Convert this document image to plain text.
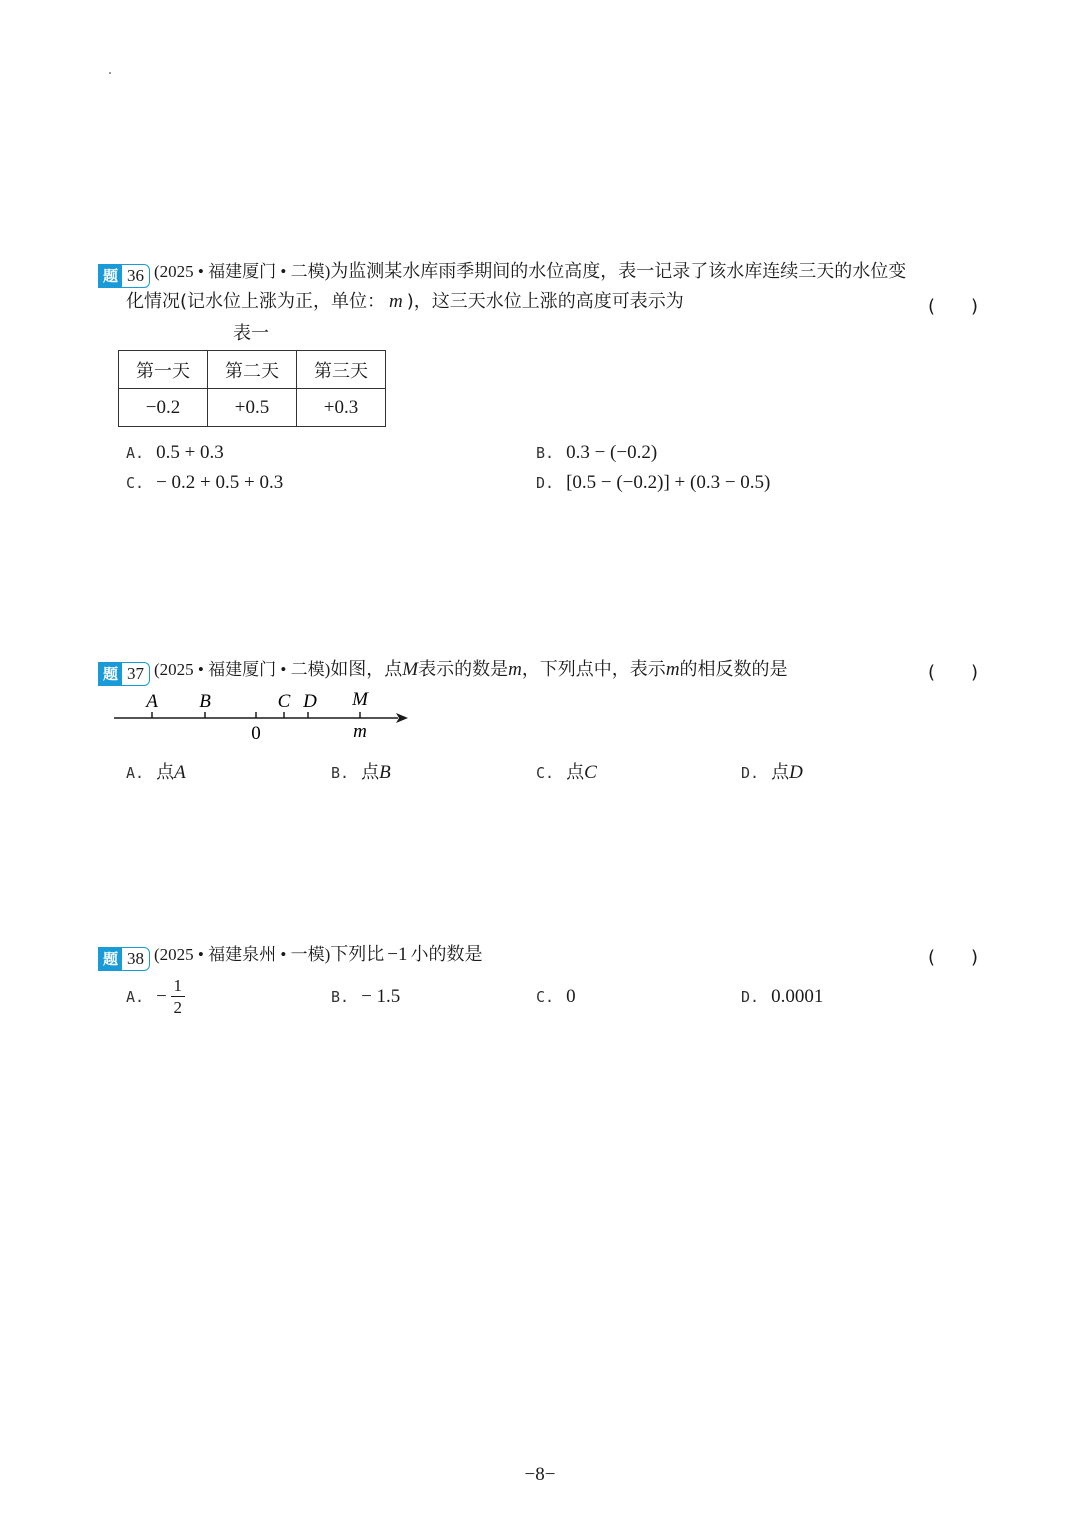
题 36 (2025 • 福建厦门 • 二模)为监测某水库雨季期间的水位高度，表一记录了该水库连续三天的水位变
化情况(记水位上涨为正，单位： m )，这三天水位上涨的高度可表示为	(　　)
表一
第一天	第二天	第三天
−0.2	+0.5	+0.3
A. 0.5 + 0.3	B. 0.3 − (−0.2)
C. − 0.2 + 0.5 + 0.3	D. [0.5 − (−0.2)] + (0.3 − 0.5)
题 37 (2025 • 福建厦门 • 二模)如图，点M表示的数是m，下列点中，表示m的相反数的是	(　　)
A B	C D M
0	m
A. 点A	B. 点B	C. 点C	D. 点D
题 38 (2025 • 福建泉州 • 一模)下列比 −1 小的数是	(　　)
A. − $\frac{1}{2}$	B. − 1.5	C. 0	D. 0.0001
−8−
